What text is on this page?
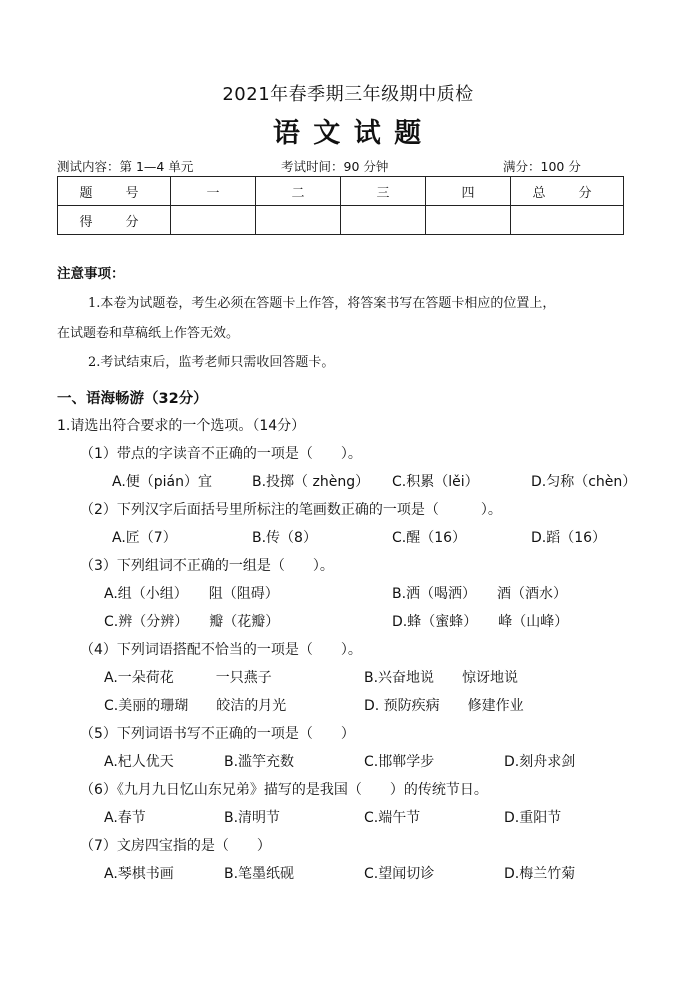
2021年春季期三年级期中质检
语 文 试 题
测试内容：第 1—4 单元	考试时间：90 分钟	满分：100 分
题　号	一	二	三	四	总　分
得　分					
注意事项：
1.本卷为试题卷，考生必须在答题卡上作答，将答案书写在答题卡相应的位置上，
在试题卷和草稿纸上作答无效。
2.考试结束后，监考老师只需收回答题卡。
一、语海畅游（32分）
1.请选出符合要求的一个选项。（14分）
（1）带点的字读音不正确的一项是（　　）。
A.便（pián）宜	B.投掷（ zhèng） C.积累（lěi）	D.匀称（chèn）
（2）下列汉字后面括号里所标注的笔画数正确的一项是（　　　）。
A.匠（7）	B.传（8）	C.醒（16）	D.蹈（16）
（3）下列组词不正确的一组是（　　）。
A.组（小组）　　阻（阻碍）	B.洒（喝洒）　　酒（酒水）
C.辨（分辨）　　瓣（花瓣）	D.蜂（蜜蜂）　　峰（山峰）
（4）下列词语搭配不恰当的一项是（　　）。
A.一朵荷花　　　一只燕子	B.兴奋地说　　惊讶地说
C.美丽的珊瑚　　皎洁的月光	D. 预防疾病　　修建作业
（5）下列词语书写不正确的一项是（　　）
A.杞人优天	B.滥竽充数	C.邯郸学步	D.刻舟求剑
（6）《九月九日忆山东兄弟》描写的是我国（　　）的传统节日。
A.春节	B.清明节	C.端午节	D.重阳节
（7）文房四宝指的是（　　）
A.琴棋书画	B.笔墨纸砚	C.望闻切诊	D.梅兰竹菊
